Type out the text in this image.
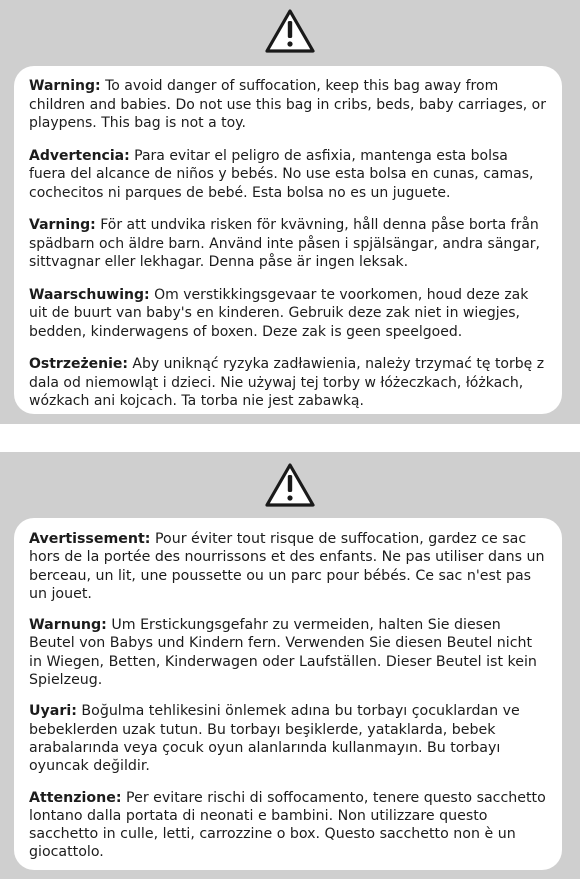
Warning: To avoid danger of suffocation, keep this bag away from children and babies. Do not use this bag in cribs, beds, baby carriages, or playpens. This bag is not a toy.

Advertencia: Para evitar el peligro de asfixia, mantenga esta bolsa fuera del alcance de niños y bebés. No use esta bolsa en cunas, camas, cochecitos ni parques de bebé. Esta bolsa no es un juguete.

Varning: För att undvika risken för kvävning, håll denna påse borta från spädbarn och äldre barn. Använd inte påsen i spjälsängar, andra sängar, sittvagnar eller lekhagar. Denna påse är ingen leksak.

Waarschuwing: Om verstikkingsgevaar te voorkomen, houd deze zak uit de buurt van baby's en kinderen. Gebruik deze zak niet in wiegjes, bedden, kinderwagens of boxen. Deze zak is geen speelgoed.

Ostrzeżenie: Aby uniknąć ryzyka zadławienia, należy trzymać tę torbę z dala od niemowląt i dzieci. Nie używaj tej torby w łóżeczkach, łóżkach, wózkach ani kojcach. Ta torba nie jest zabawką.

Avertissement: Pour éviter tout risque de suffocation, gardez ce sac hors de la portée des nourrissons et des enfants. Ne pas utiliser dans un berceau, un lit, une poussette ou un parc pour bébés. Ce sac n'est pas un jouet.

Warnung: Um Erstickungsgefahr zu vermeiden, halten Sie diesen Beutel von Babys und Kindern fern. Verwenden Sie diesen Beutel nicht in Wiegen, Betten, Kinderwagen oder Laufställen. Dieser Beutel ist kein Spielzeug.

Uyari: Boğulma tehlikesini önlemek adına bu torbayı çocuklardan ve bebeklerden uzak tutun. Bu torbayı beşiklerde, yataklarda, bebek arabalarında veya çocuk oyun alanlarında kullanmayın. Bu torbayı oyuncak değildir.

Attenzione: Per evitare rischi di soffocamento, tenere questo sacchetto lontano dalla portata di neonati e bambini. Non utilizzare questo sacchetto in culle, letti, carrozzine o box. Questo sacchetto non è un giocattolo.
